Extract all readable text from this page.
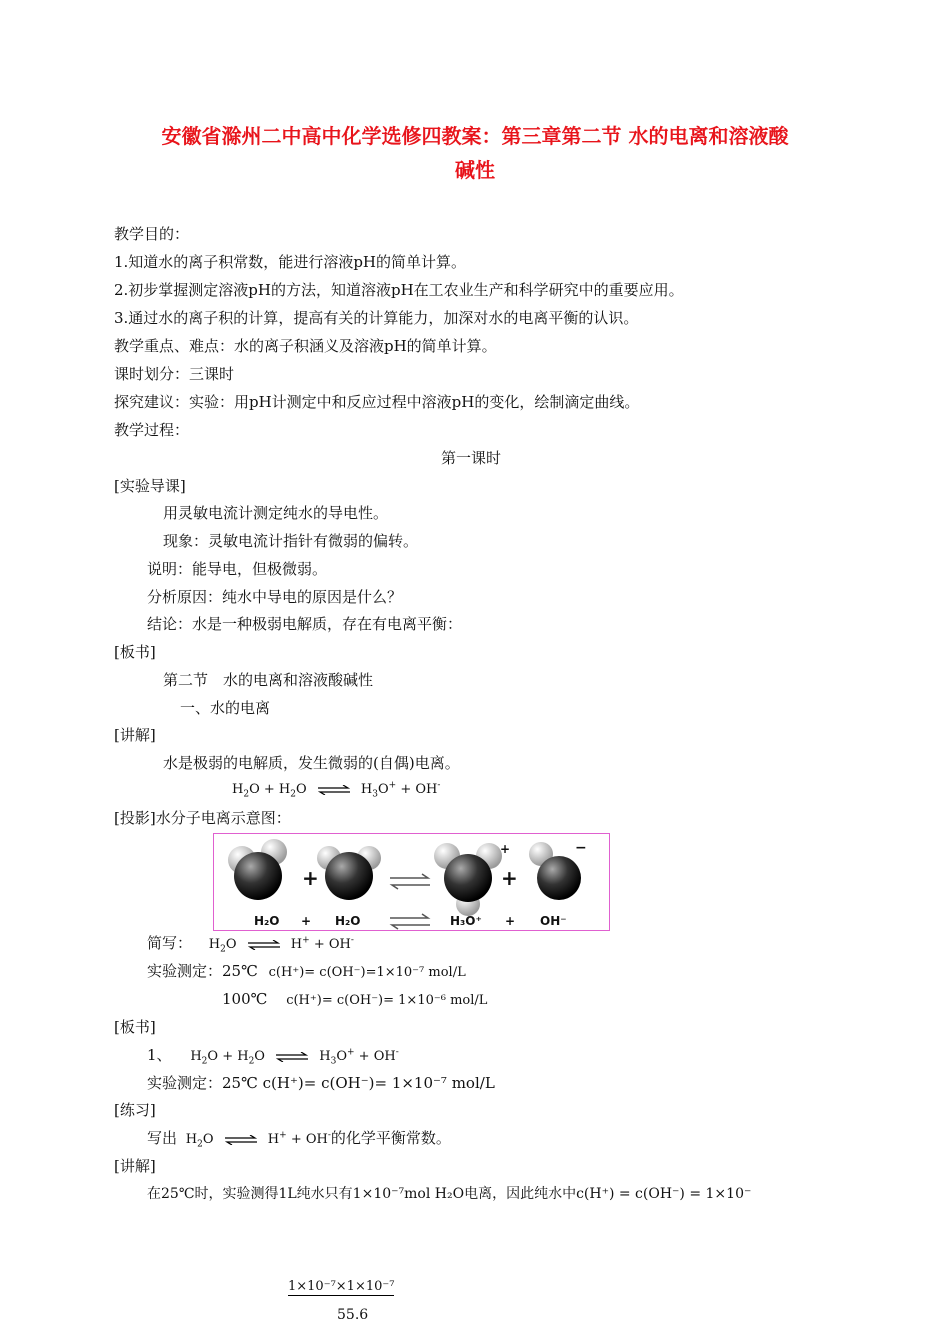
安徽省滁州二中高中化学选修四教案：第三章第二节 水的电离和溶液酸
碱性
教学目的：
1.知道水的离子积常数，能进行溶液pH的简单计算。
2.初步掌握测定溶液pH的方法，知道溶液pH在工农业生产和科学研究中的重要应用。
3.通过水的离子积的计算，提高有关的计算能力，加深对水的电离平衡的认识。
教学重点、难点：水的离子积涵义及溶液pH的简单计算。
课时划分：三课时
探究建议：实验：用pH计测定中和反应过程中溶液pH的变化，绘制滴定曲线。
教学过程：
第一课时
[实验导课]
用灵敏电流计测定纯水的导电性。
现象：灵敏电流计指针有微弱的偏转。
说明：能导电，但极微弱。
分析原因：纯水中导电的原因是什么？
结论：水是一种极弱电解质，存在有电离平衡：
[板书]
第二节　水的电离和溶液酸碱性
一、水的电离
[讲解]
水是极弱的电解质，发生微弱的(自偶)电离。
$H_2O + H_2O$ ⇌ $H_3O^+ + OH^-$
[投影]水分子电离示意图：
+	+
+	−
H₂O + H₂O	H₃O⁺ + OH⁻
简写： $H_2O$ ⇌ H+ + OH-
实验测定：25℃ c(H⁺)= c(OH⁻)=1×10⁻⁷ mol/L
100℃ c(H⁺)= c(OH⁻)= 1×10⁻⁶ mol/L
[板书]
1、 $H_2O + H_2O$ ⇌ $H_3O^+ + OH^-$
实验测定：25℃ c(H⁺)= c(OH⁻)= 1×10⁻⁷ mol/L
[练习]
写出 $H_2O$ ⇌ H+ + OH-的化学平衡常数。
[讲解]
在25℃时，实验测得1L纯水只有1×10⁻⁷mol H₂O电离，因此纯水中c(H⁺) = c(OH⁻) = 1×10⁻
1×10⁻⁷×1×10⁻⁷
55.6
